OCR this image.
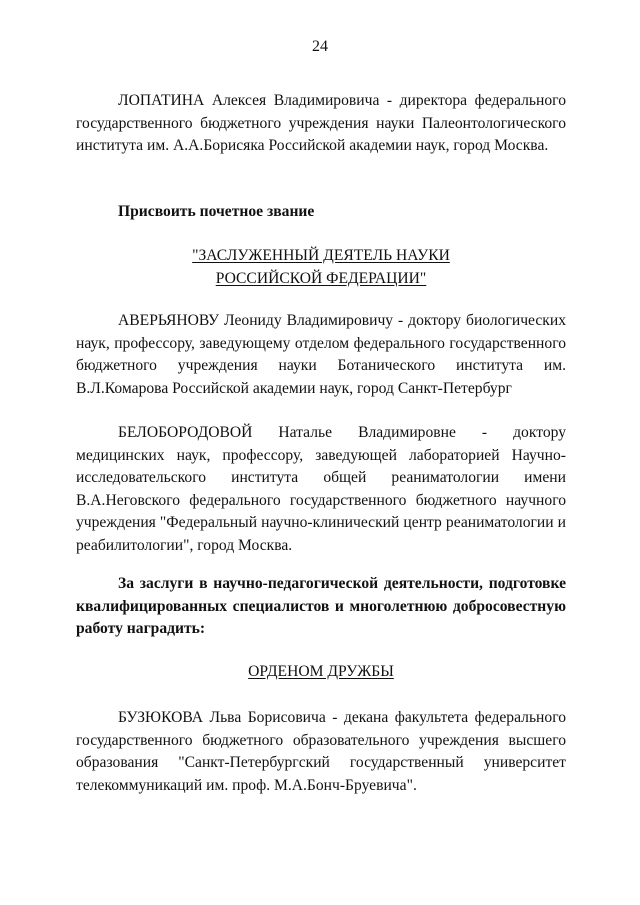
24

ЛОПАТИНА Алексея Владимировича - директора федерального государственного бюджетного учреждения науки Палеонтологического института им. А.А.Борисяка Российской академии наук, город Москва.

Присвоить почетное звание

"ЗАСЛУЖЕННЫЙ ДЕЯТЕЛЬ НАУКИ
РОССИЙСКОЙ ФЕДЕРАЦИИ"

АВЕРЬЯНОВУ Леониду Владимировичу - доктору биологических наук, профессору, заведующему отделом федерального государственного бюджетного учреждения науки Ботанического института им. В.Л.Комарова Российской академии наук, город Санкт-Петербург

БЕЛОБОРОДОВОЙ Наталье Владимировне - доктору медицинских наук, профессору, заведующей лабораторией Научно-исследовательского института общей реаниматологии имени В.А.Неговского федерального государственного бюджетного научного учреждения "Федеральный научно-клинический центр реаниматологии и реабилитологии", город Москва.

За заслуги в научно-педагогической деятельности, подготовке квалифицированных специалистов и многолетнюю добросовестную работу наградить:

ОРДЕНОМ ДРУЖБЫ

БУЗЮКОВА Льва Борисовича - декана факультета федерального государственного бюджетного образовательного учреждения высшего образования "Санкт-Петербургский государственный университет телекоммуникаций им. проф. М.А.Бонч-Бруевича".
